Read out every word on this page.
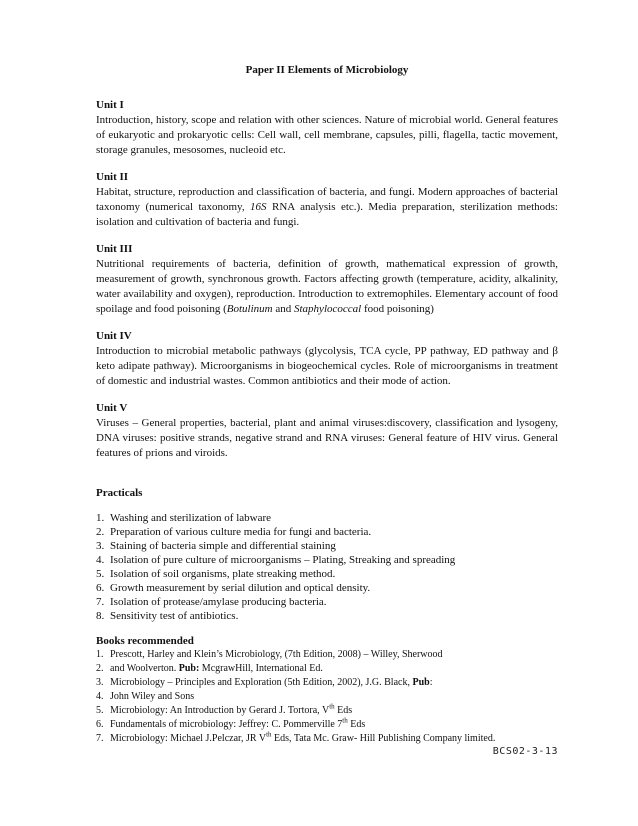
Paper II Elements of Microbiology

Unit I

Introduction, history, scope and relation with other sciences. Nature of microbial world. General features of eukaryotic and prokaryotic cells: Cell wall, cell membrane, capsules, pilli, flagella, tactic movement, storage granules, mesosomes, nucleoid etc.

Unit II

Habitat, structure, reproduction and classification of bacteria, and fungi. Modern approaches of bacterial taxonomy (numerical taxonomy, 16S RNA analysis etc.). Media preparation, sterilization methods: isolation and cultivation of bacteria and fungi.

Unit III

Nutritional requirements of bacteria, definition of growth, mathematical expression of growth, measurement of growth, synchronous growth. Factors affecting growth (temperature, acidity, alkalinity, water availability and oxygen), reproduction. Introduction to extremophiles. Elementary account of food spoilage and food poisoning (Botulinum and Staphylococcal food poisoning)

Unit IV

Introduction to microbial metabolic pathways (glycolysis, TCA cycle, PP pathway, ED pathway and β keto adipate pathway). Microorganisms in biogeochemical cycles. Role of microorganisms in treatment of domestic and industrial wastes. Common antibiotics and their mode of action.

Unit V

Viruses – General properties, bacterial, plant and animal viruses:discovery, classification and lysogeny, DNA viruses: positive strands, negative strand and RNA viruses: General feature of HIV virus. General features of prions and viroids.

Practicals
1. Washing and sterilization of labware
2. Preparation of various culture media for fungi and bacteria.
3. Staining of bacteria simple and differential staining
4. Isolation of pure culture of microorganisms – Plating, Streaking and spreading
5. Isolation of soil organisms, plate streaking method.
6. Growth measurement by serial dilution and optical density.
7. Isolation of protease/amylase producing bacteria.
8. Sensitivity test of antibiotics.
Books recommended
1. Prescott, Harley and Klein’s Microbiology, (7th Edition, 2008) – Willey, Sherwood
2. and Woolverton. Pub: McgrawHill, International Ed.
3. Microbiology – Principles and Exploration (5th Edition, 2002), J.G. Black, Pub:
4. John Wiley and Sons
5. Microbiology: An Introduction by Gerard J. Tortora, Vth Eds
6. Fundamentals of microbiology: Jeffrey: C. Pommerville 7th Eds
7. Microbiology: Michael J.Pelczar, JR Vth Eds, Tata Mc. Graw- Hill Publishing Company limited.
BCS02-3-13
